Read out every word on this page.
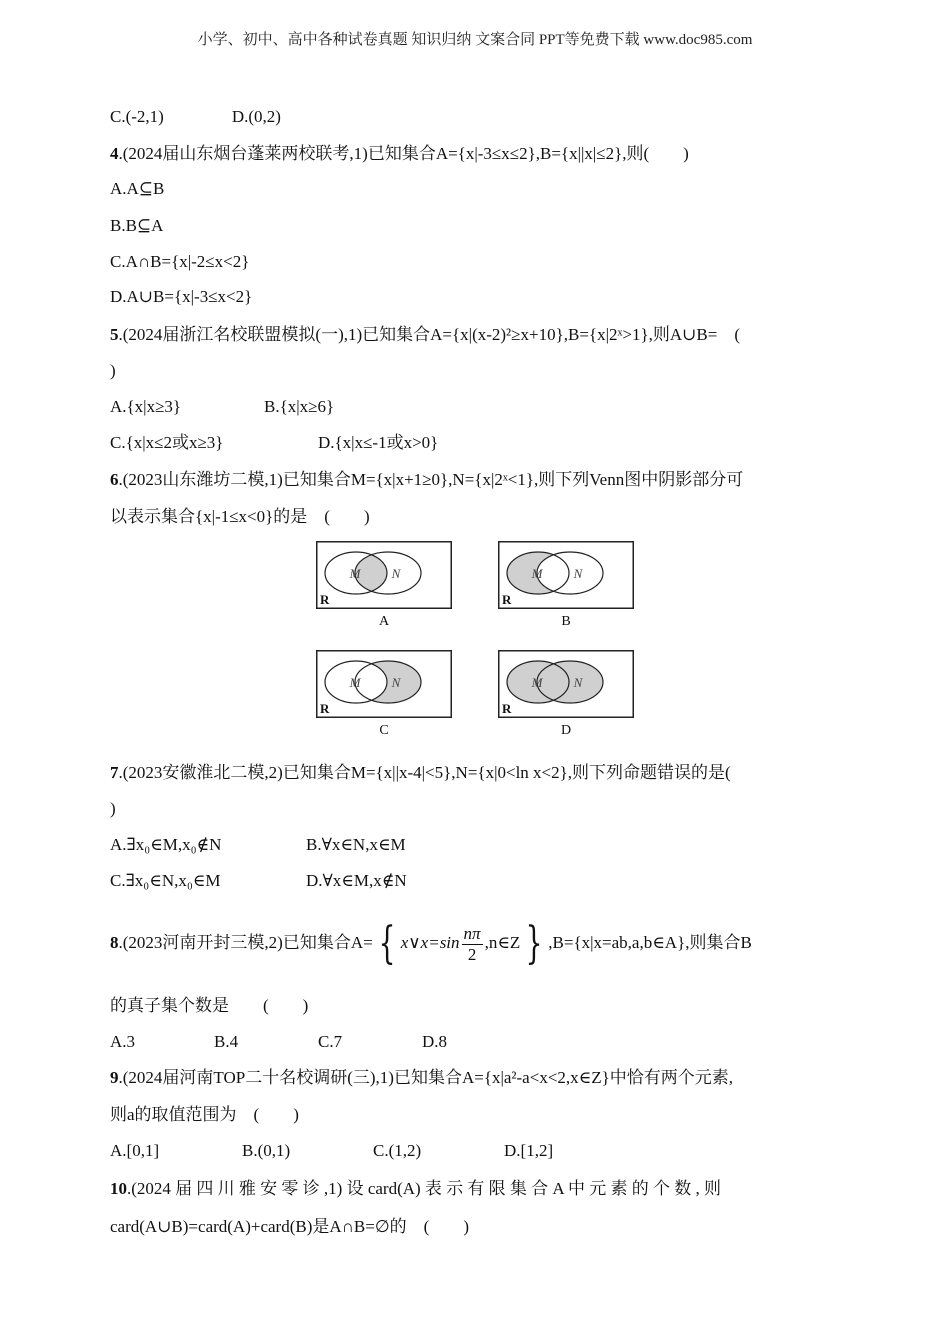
小学、初中、高中各种试卷真题 知识归纳 文案合同 PPT等免费下载 www.doc985.com
C.(-2,1)	D.(0,2)
4.(2024届山东烟台蓬莱两校联考,1)已知集合A={x|-3≤x≤2},B={x||x|≤2},则(　　)
A.A⊆B
B.B⊆A
C.A∩B={x|-2≤x<2}
D.A∪B={x|-3≤x<2}
5.(2024届浙江名校联盟模拟(一),1)已知集合A={x|(x-2)²≥x+10},B={x|2ˣ>1},则A∪B=　(
)
A.{x|x≥3}	B.{x|x≥6}
C.{x|x≤2或x≥3}	D.{x|x≤-1或x>0}
6.(2023山东潍坊二模,1)已知集合M={x|x+1≥0},N={x|2ˣ<1},则下列Venn图中阴影部分可
以表示集合{x|-1≤x<0}的是　(　　)
M N
R
A
M N
R
B
M N
R
C
M N
R
D
7.(2023安徽淮北二模,2)已知集合M={x||x-4|<5},N={x|0<ln x<2},则下列命题错误的是(
)
A.∃x₀∈M,x₀∉N	B.∀x∈N,x∈M
C.∃x₀∈N,x₀∈M	D.∀x∈M,x∉N
8.(2023河南开封三模,2)已知集合A= { x∨x=sin $\frac{n\pi}{2}$ ,n∈Z } ,B={x|x=ab,a,b∈A},则集合B
的真子集个数是　　(　　)
A.3	B.4	C.7	D.8
9.(2024届河南TOP二十名校调研(三),1)已知集合A={x|a²-a<x<2,x∈Z}中恰有两个元素,
则a的取值范围为　(　　)
A.[0,1]	B.(0,1)	C.(1,2)	D.[1,2]
10.(2024 届 四 川 雅 安 零 诊 ,1) 设 card(A) 表 示 有 限 集 合 A 中 元 素 的 个 数 , 则
card(A∪B)=card(A)+card(B)是A∩B=∅的　(　　)
